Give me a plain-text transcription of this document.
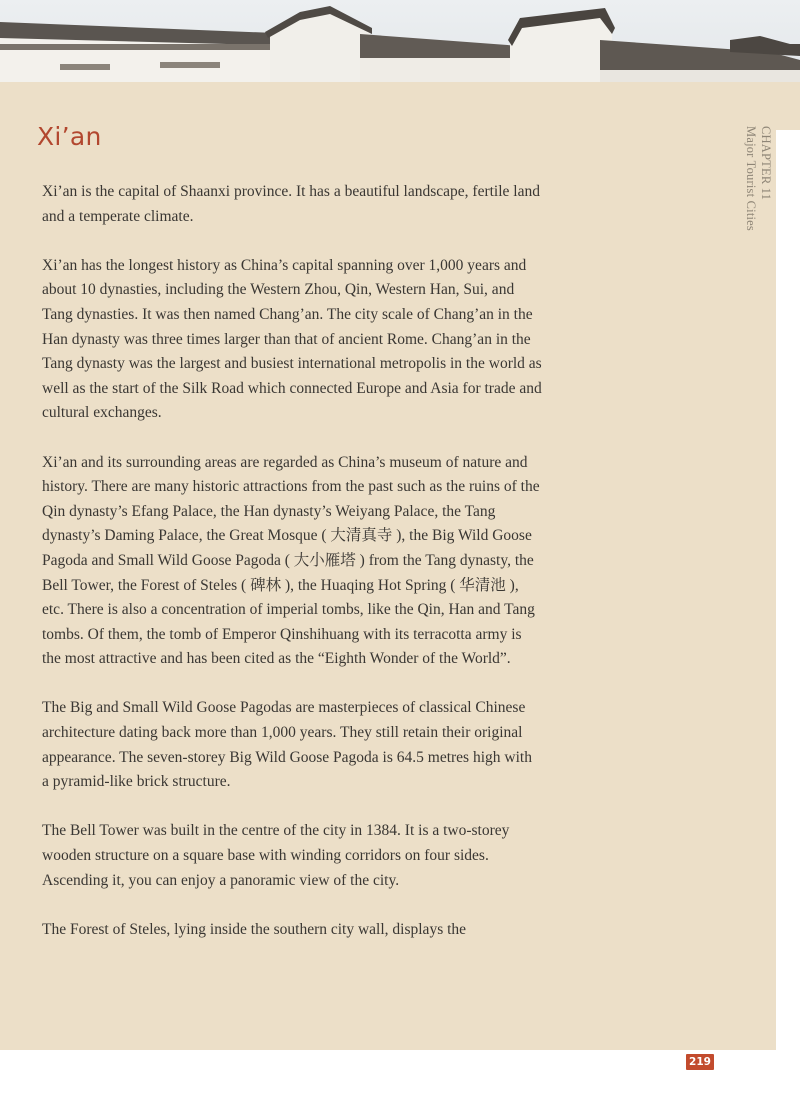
Xi’an

Xi’an is the capital of Shaanxi province. It has a beautiful landscape, fertile land and a temperate climate.

Xi’an has the longest history as China’s capital spanning over 1,000 years and about 10 dynasties, including the Western Zhou, Qin, Western Han, Sui, and Tang dynasties. It was then named Chang’an. The city scale of Chang’an in the Han dynasty was three times larger than that of ancient Rome. Chang’an in the Tang dynasty was the largest and busiest international metropolis in the world as well as the start of the Silk Road which connected Europe and Asia for trade and cultural exchanges.

Xi’an and its surrounding areas are regarded as China’s museum of nature and history. There are many historic attractions from the past such as the ruins of the Qin dynasty’s Efang Palace, the Han dynasty’s Weiyang Palace, the Tang dynasty’s Daming Palace, the Great Mosque ( 大清真寺 ), the Big Wild Goose Pagoda and Small Wild Goose Pagoda ( 大小雁塔 ) from the Tang dynasty, the Bell Tower, the Forest of Steles ( 碑林 ), the Huaqing Hot Spring ( 华清池 ), etc. There is also a concentration of imperial tombs, like the Qin, Han and Tang tombs. Of them, the tomb of Emperor Qinshihuang with its terracotta army is the most attractive and has been cited as the “Eighth Wonder of the World”.

The Big and Small Wild Goose Pagodas are masterpieces of classical Chinese architecture dating back more than 1,000 years. They still retain their original appearance. The seven-storey Big Wild Goose Pagoda is 64.5 metres high with a pyramid-like brick structure.

The Bell Tower was built in the centre of the city in 1384. It is a two-storey wooden structure on a square base with winding corridors on four sides. Ascending it, you can enjoy a panoramic view of the city.

The Forest of Steles, lying inside the southern city wall, displays the

CHAPTER 11
Major Tourist Cities
219
